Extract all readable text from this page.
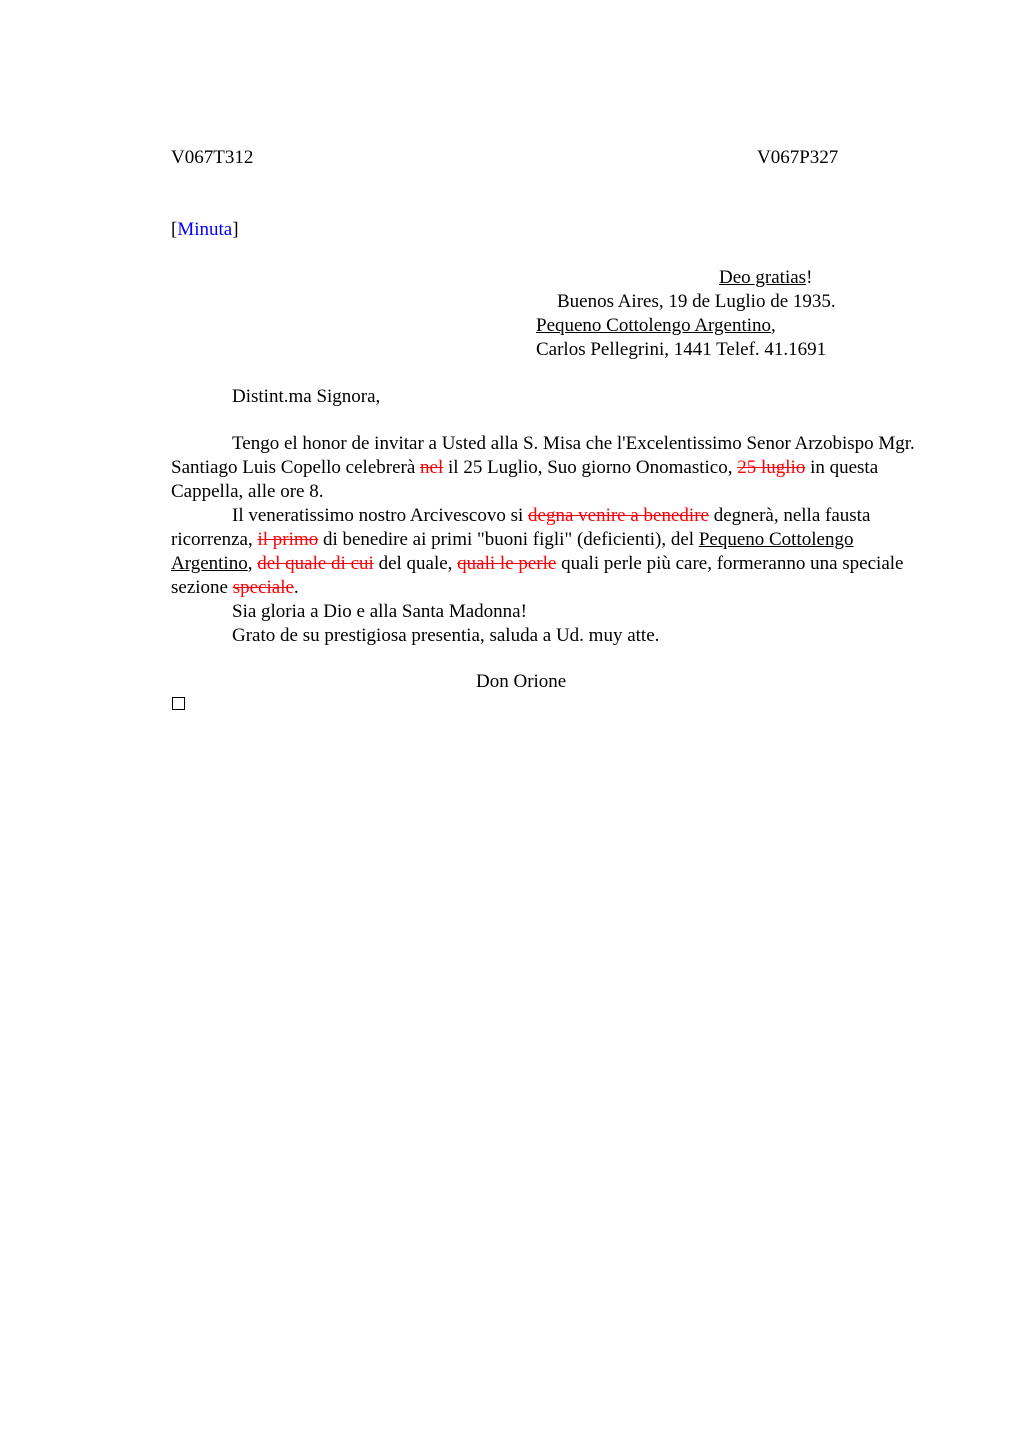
V067T312	V067P327
[Minuta]
Deo gratias!
Buenos Aires, 19 de Luglio de 1935.
Pequeno Cottolengo Argentino,
Carlos Pellegrini, 1441 Telef. 41.1691
Distint.ma Signora,
Tengo el honor de invitar a Usted alla S. Misa che l'Excelentissimo Senor Arzobispo Mgr. Santiago Luis Copello celebrerà nel il 25 Luglio, Suo giorno Onomastico, 25 luglio in questa Cappella, alle ore 8.
Il veneratissimo nostro Arcivescovo si degna venire a benedire degnerà, nella fausta ricorrenza, il primo di benedire ai primi "buoni figli" (deficienti), del Pequeno Cottolengo Argentino, del quale di cui del quale, quali le perle quali perle più care, formeranno una speciale sezione speciale.
Sia gloria a Dio e alla Santa Madonna!
Grato de su prestigiosa presentia, saluda a Ud. muy atte.
Don Orione
